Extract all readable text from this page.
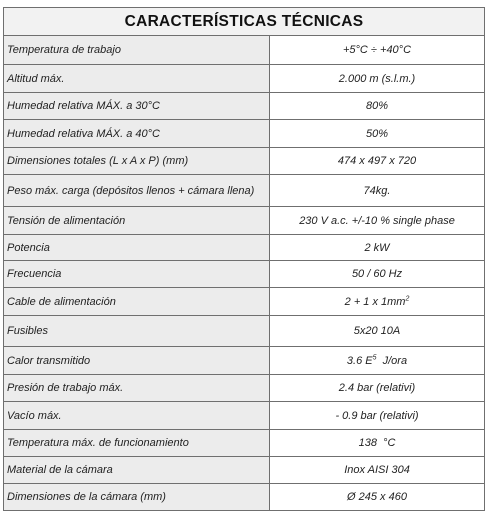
CARACTERÍSTICAS TÉCNICAS	
Temperatura de trabajo	+5°C ÷ +40°C
Altitud máx.	2.000 m (s.l.m.)
Humedad relativa MÁX. a 30°C	80%
Humedad relativa MÁX. a 40°C	50%
Dimensiones totales (L x A x P) (mm)	474 x 497 x 720
Peso máx. carga (depósitos llenos + cámara llena)	74kg.
Tensión de alimentación	230 V a.c. +/-10 % single phase
Potencia	2 kW
Frecuencia	50 / 60 Hz
Cable de alimentación	2 + 1 x $1mm^2$
Fusibles	5x20 10A
Calor transmitido	3.6 $E^5$  J/ora
Presión de trabajo máx.	2.4 bar (relativi)
Vacío máx.	- 0.9 bar (relativi)
Temperatura máx. de funcionamiento	138  °C
Material de la cámara	Inox AISI 304
Dimensiones de la cámara (mm)	Ø 245 x 460
